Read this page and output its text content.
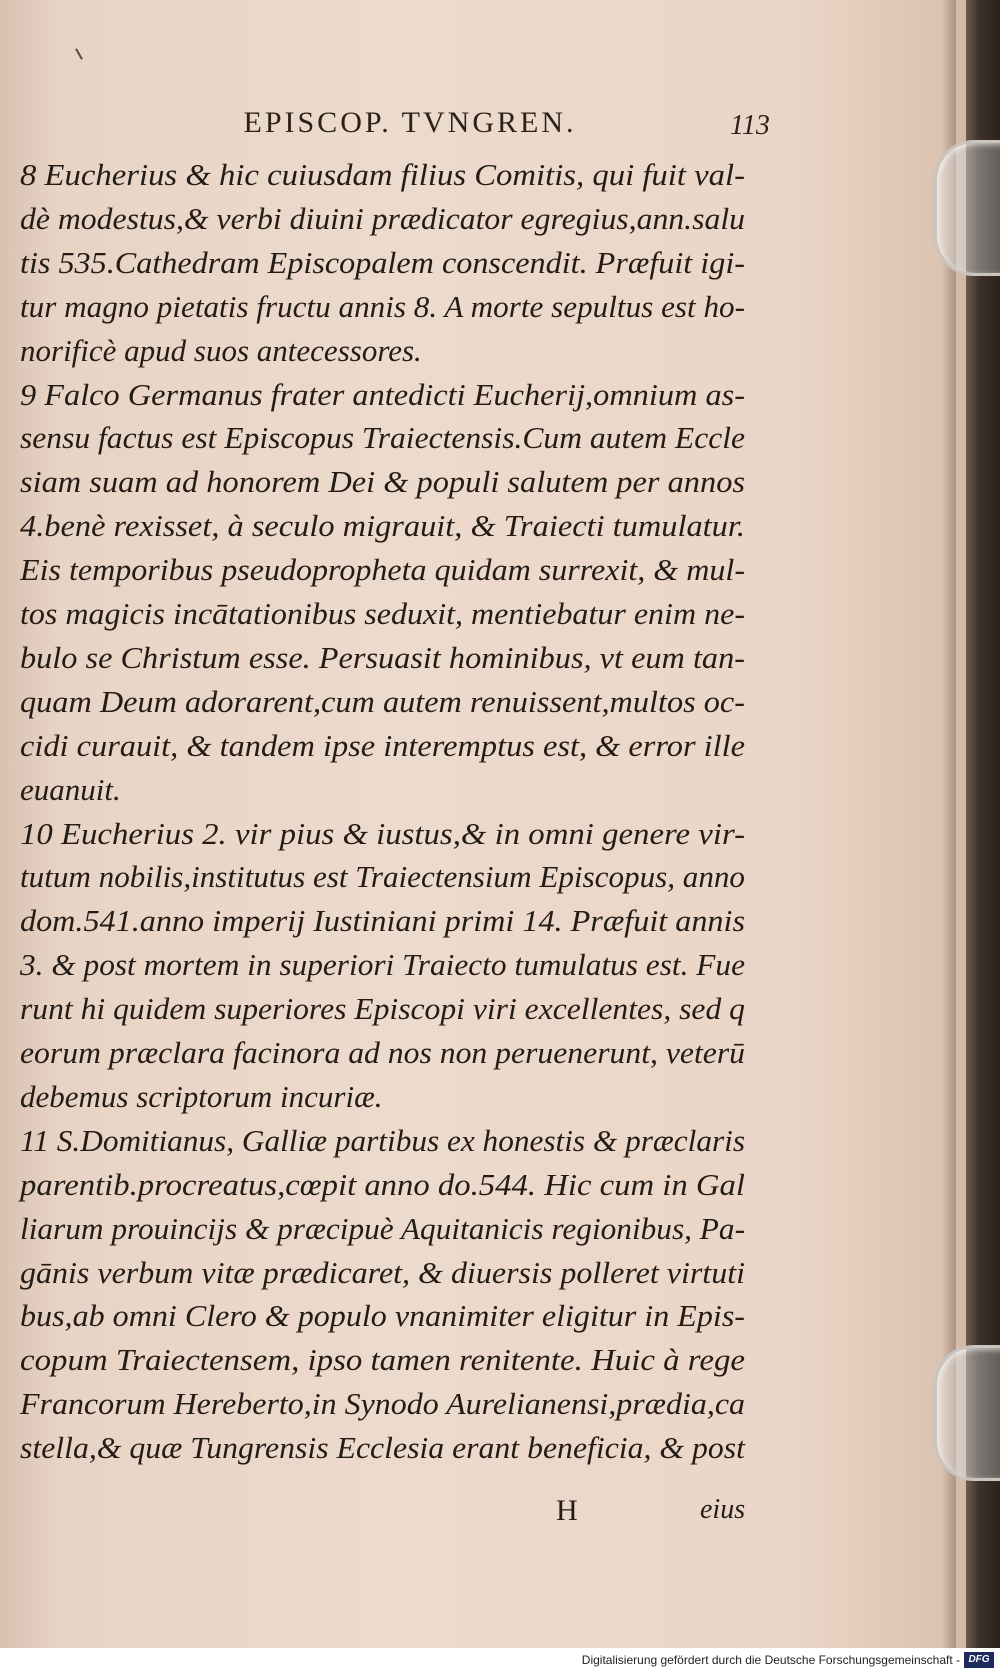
EPISCOP. TVNGREN.	113
8 Eucherius & hic cuiusdam filius Comitis, qui fuit val-
dè modestus,& verbi diuini prædicator egregius,ann.salu
tis 535.Cathedram Episcopalem conscendit. Præfuit igi-
tur magno pietatis fructu annis 8. A morte sepultus est ho-
norificè apud suos antecessores.
9 Falco Germanus frater antedicti Eucherij,omnium as-
sensu factus est Episcopus Traiectensis.Cum autem Eccle
siam suam ad honorem Dei & populi salutem per annos
4.benè rexisset, à seculo migrauit, & Traiecti tumulatur.
Eis temporibus pseudopropheta quidam surrexit, & mul-
tos magicis incātationibus seduxit, mentiebatur enim ne-
bulo se Christum esse. Persuasit hominibus, vt eum tan-
quam Deum adorarent,cum autem renuissent,multos oc-
cidi curauit, & tandem ipse interemptus est, & error ille
euanuit.
10 Eucherius 2. vir pius & iustus,& in omni genere vir-
tutum nobilis,institutus est Traiectensium Episcopus, anno
dom.541.anno imperij Iustiniani primi 14. Præfuit annis
3. & post mortem in superiori Traiecto tumulatus est. Fue
runt hi quidem superiores Episcopi viri excellentes, sed q
eorum præclara facinora ad nos non peruenerunt, veterū
debemus scriptorum incuriæ.
11 S.Domitianus, Galliæ partibus ex honestis & præclaris
parentib.procreatus,cœpit anno do.544. Hic cum in Gal
liarum prouincijs & præcipuè Aquitanicis regionibus, Pa-
gānis verbum vitæ prædicaret, & diuersis polleret virtuti
bus,ab omni Clero & populo vnanimiter eligitur in Epis-
copum Traiectensem, ipso tamen renitente. Huic à rege
Francorum Hereberto,in Synodo Aurelianensi,prædia,ca
stella,& quæ Tungrensis Ecclesia erant beneficia, & post
H	eius
Digitalisierung gefördert durch die Deutsche Forschungsgemeinschaft - DFG
